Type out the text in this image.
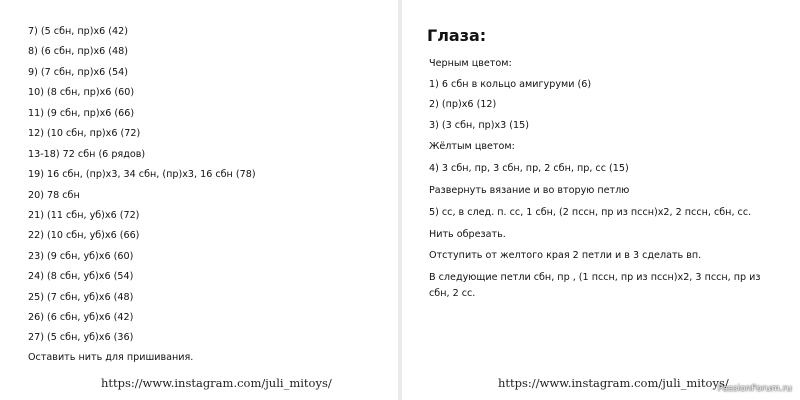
7) (5 сбн, пр)х6 (42)
8) (6 сбн, пр)х6 (48)
9) (7 сбн, пр)х6 (54)
10) (8 сбн, пр)х6 (60)
11) (9 сбн, пр)х6 (66)
12) (10 сбн, пр)х6 (72)
13-18) 72 сбн (6 рядов)
19) 16 сбн, (пр)х3, 34 сбн, (пр)х3, 16 сбн (78)
20) 78 сбн
21) (11 сбн, уб)х6 (72)
22) (10 сбн, уб)х6 (66)
23) (9 сбн, уб)х6 (60)
24) (8 сбн, уб)х6 (54)
25) (7 сбн, уб)х6 (48)
26) (6 сбн, уб)х6 (42)
27) (5 сбн, уб)х6 (36)
Оставить нить для пришивания.
https://www.instagram.com/juli_mitoys/
Глаза:
Черным цветом:
1) 6 сбн в кольцо амигуруми (6)
2) (пр)х6 (12)
3) (3 сбн, пр)х3 (15)
Жёлтым цветом:
4) 3 сбн, пр, 3 сбн, пр, 2 сбн, пр, сс (15)
Развернуть вязание и во вторую петлю
5) сс, в след. п. сс, 1 сбн, (2 пссн, пр из пссн)х2, 2 пссн, сбн, сс.
Нить обрезать.
Отступить от желтого края 2 петли и в 3 сделать вп.
В следующие петли сбн, пр , (1 пссн, пр из пссн)х2, 3 пссн, пр из сбн, 2 сс.
https://www.instagram.com/juli_mitoys/
PassionForum.ru
